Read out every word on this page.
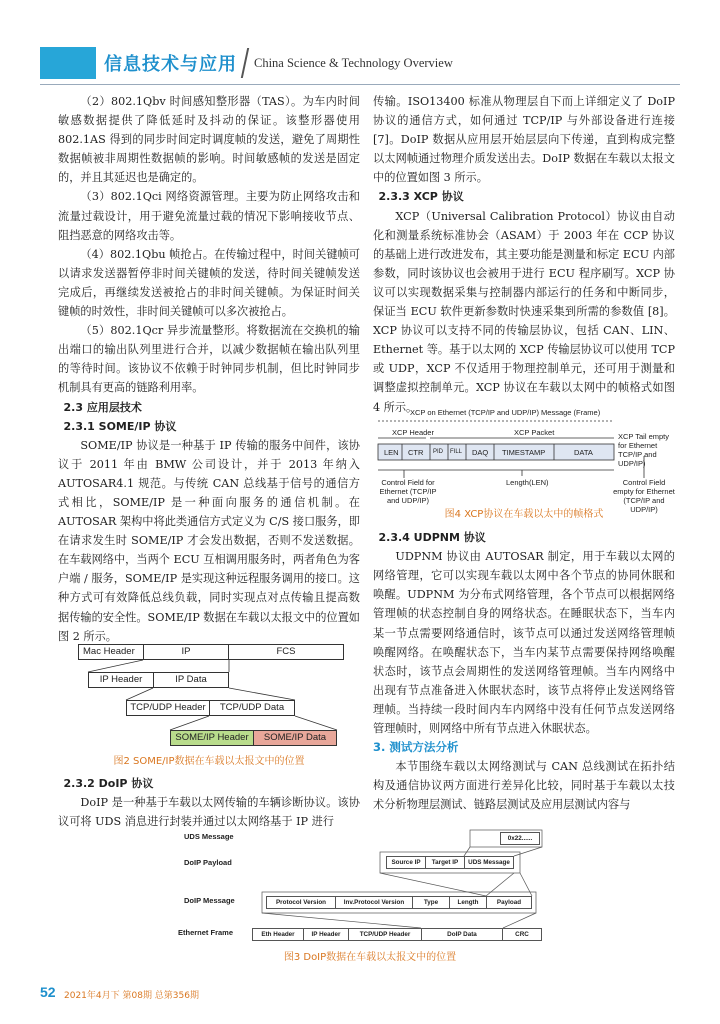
信息技术与应用 China Science & Technology Overview

（2）802.1Qbv 时间感知整形器（TAS）。为车内时间敏感数据提供了降低延时及抖动的保证。该整形器使用 802.1AS 得到的同步时间定时调度帧的发送，避免了周期性数据帧被非周期性数据帧的影响。时间敏感帧的发送是固定的，并且其延迟也是确定的。

（3）802.1Qci 网络资源管理。主要为防止网络攻击和流量过载设计，用于避免流量过载的情况下影响接收节点、阻挡恶意的网络攻击等。

（4）802.1Qbu 帧抢占。在传输过程中，时间关键帧可以请求发送器暂停非时间关键帧的发送，待时间关键帧发送完成后，再继续发送被抢占的非时间关键帧。为保证时间关键帧的时效性，非时间关键帧可以多次被抢占。

（5）802.1Qcr 异步流量整形。将数据流在交换机的输出端口的输出队列里进行合并，以减少数据帧在输出队列里的等待时间。该协议不依赖于时钟同步机制，但比时钟同步机制具有更高的链路利用率。

2.3 应用层技术

2.3.1 SOME/IP 协议

SOME/IP 协议是一种基于 IP 传输的服务中间件，该协议于 2011 年由 BMW 公司设计，并于 2013 年纳入 AUTOSAR4.1 规范。与传统 CAN 总线基于信号的通信方式相比，SOME/IP 是一种面向服务的通信机制。在 AUTOSAR 架构中将此类通信方式定义为 C/S 接口服务，即在请求发生时 SOME/IP 才会发出数据，否则不发送数据。在车载网络中，当两个 ECU 互相调用服务时，两者角色为客户端 / 服务，SOME/IP 是实现这种远程服务调用的接口。这种方式可有效降低总线负载，同时实现点对点传输且提高数据传输的安全性。SOME/IP 数据在车载以太报文中的位置如图 2 所示。

Mac Header	IP	FCS
IP Header	IP Data
TCP/UDP Header	TCP/UDP Data
SOME/IP Header	SOME/IP Data

图2 SOME/IP数据在车载以太报文中的位置

2.3.2 DoIP 协议

DoIP 是一种基于车载以太网传输的车辆诊断协议。该协议可将 UDS 消息进行封装并通过以太网络基于 IP 进行

传输。ISO13400 标准从物理层自下而上详细定义了 DoIP 协议的通信方式，如何通过 TCP/IP 与外部设备进行连接 [7]。DoIP 数据从应用层开始层层向下传递，直到构成完整以太网帧通过物理介质发送出去。DoIP 数据在车载以太报文中的位置如图 3 所示。

2.3.3 XCP 协议

XCP（Universal Calibration Protocol）协议由自动化和测量系统标准协会（ASAM）于 2003 年在 CCP 协议的基础上进行改进发布，其主要功能是测量和标定 ECU 内部参数，同时该协议也会被用于进行 ECU 程序刷写。XCP 协议可以实现数据采集与控制器内部运行的任务和中断同步，保证当 ECU 软件更新参数时快速采集到所需的参数值 [8]。XCP 协议可以支持不同的传输层协议，包括 CAN、LIN、Ethernet 等。基于以太网的 XCP 传输层协议可以使用 TCP 或 UDP，XCP 不仅适用于物理控制单元，还可用于测量和调整虚拟控制单元。XCP 协议在车载以太网中的帧格式如图 4 所示。

XCP on Ethernet (TCP/IP and UDP/IP) Message (Frame)
XCP Header	XCP Packet	XCP Tail empty for Ethernet TCP/IP and UDP/IP)
LEN CTR PID FILL DAQ TIMESTAMP	DATA
Control Field for Ethernet (TCP/IP and UDP/IP)
Length(LEN)	Control Field empty for Ethernet (TCP/IP and UDP/IP)

图4 XCP协议在车载以太中的帧格式

2.3.4 UDPNM 协议

UDPNM 协议由 AUTOSAR 制定，用于车载以太网的网络管理，它可以实现车载以太网中各个节点的协同休眠和唤醒。UDPNM 为分布式网络管理，各个节点可以根据网络管理帧的状态控制自身的网络状态。在睡眠状态下，当车内某一节点需要网络通信时，该节点可以通过发送网络管理帧唤醒网络。在唤醒状态下，当车内某节点需要保持网络唤醒状态时，该节点会周期性的发送网络管理帧。当车内网络中出现有节点准备进入休眠状态时，该节点将停止发送网络管理帧。当持续一段时间内车内网络中没有任何节点发送网络管理帧时，则网络中所有节点进入休眠状态。

3. 测试方法分析

本节围绕车载以太网络测试与 CAN 总线测试在拓扑结构及通信协议两方面进行差异化比较，同时基于车载以太技术分析物理层测试、链路层测试及应用层测试内容与

UDS Message
DoIP Payload
DoIP Message
Ethernet Frame
0x22......
Source IP	Target IP	UDS Message
Protocol Version	Inv.Protocol Version	Type	Length	Payload
Eth Header	IP Header	TCP/UDP Header	DoIP Data	CRC
图3 DoIP数据在车载以太报文中的位置
52 2021年4月下 第08期 总第356期
